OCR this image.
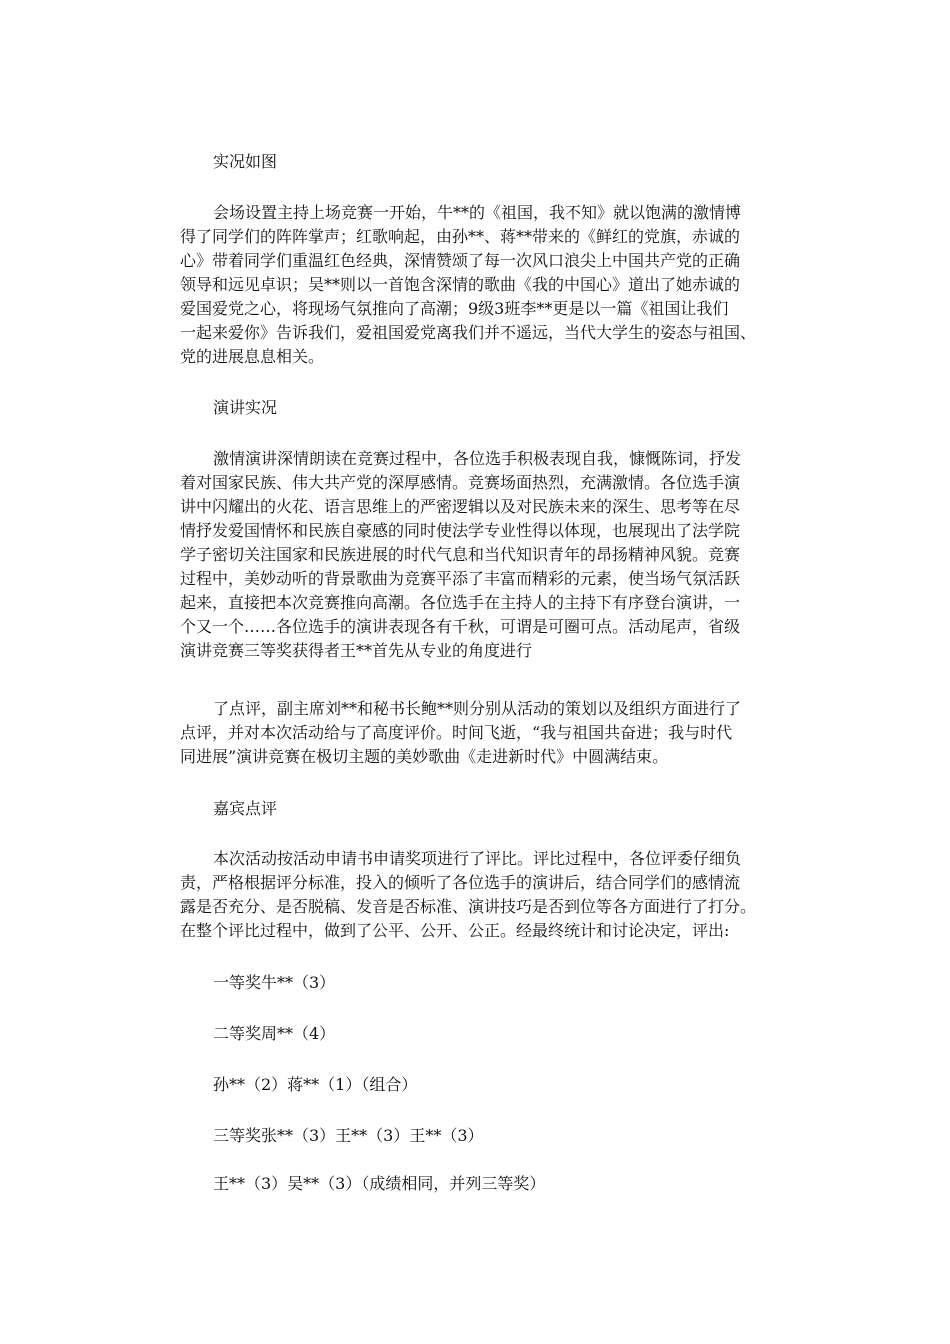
实况如图
会场设置主持上场竞赛一开始，牛**的《祖国，我不知》就以饱满的激情博
得了同学们的阵阵掌声；红歌响起，由孙**、蒋**带来的《鲜红的党旗，赤诚的
心》带着同学们重温红色经典，深情赞颂了每一次风口浪尖上中国共产党的正确
领导和远见卓识；吴**则以一首饱含深情的歌曲《我的中国心》道出了她赤诚的
爱国爱党之心，将现场气氛推向了高潮；9级3班李**更是以一篇《祖国让我们
一起来爱你》告诉我们，爱祖国爱党离我们并不遥远，当代大学生的姿态与祖国、
党的进展息息相关。
演讲实况
激情演讲深情朗读在竞赛过程中，各位选手积极表现自我，慷慨陈词，抒发
着对国家民族、伟大共产党的深厚感情。竞赛场面热烈，充满激情。各位选手演
讲中闪耀出的火花、语言思维上的严密逻辑以及对民族未来的深生、思考等在尽
情抒发爱国情怀和民族自豪感的同时使法学专业性得以体现，也展现出了法学院
学子密切关注国家和民族进展的时代气息和当代知识青年的昂扬精神风貌。竞赛
过程中，美妙动听的背景歌曲为竞赛平添了丰富而精彩的元素，使当场气氛活跃
起来，直接把本次竞赛推向高潮。各位选手在主持人的主持下有序登台演讲，一
个又一个……各位选手的演讲表现各有千秋，可谓是可圈可点。活动尾声，省级
演讲竞赛三等奖获得者王**首先从专业的角度进行
了点评，副主席刘**和秘书长鲍**则分别从活动的策划以及组织方面进行了
点评，并对本次活动给与了高度评价。时间飞逝，“我与祖国共奋进；我与时代
同进展”演讲竞赛在极切主题的美妙歌曲《走进新时代》中圆满结束。
嘉宾点评
本次活动按活动申请书申请奖项进行了评比。评比过程中，各位评委仔细负
责，严格根据评分标准，投入的倾听了各位选手的演讲后，结合同学们的感情流
露是否充分、是否脱稿、发音是否标准、演讲技巧是否到位等各方面进行了打分。
在整个评比过程中，做到了公平、公开、公正。经最终统计和讨论决定，评出:
一等奖牛**（3）
二等奖周**（4）
孙**（2）蒋**（1）（组合）
三等奖张**（3）王**（3）王**（3）
王**（3）吴**（3）（成绩相同，并列三等奖）
